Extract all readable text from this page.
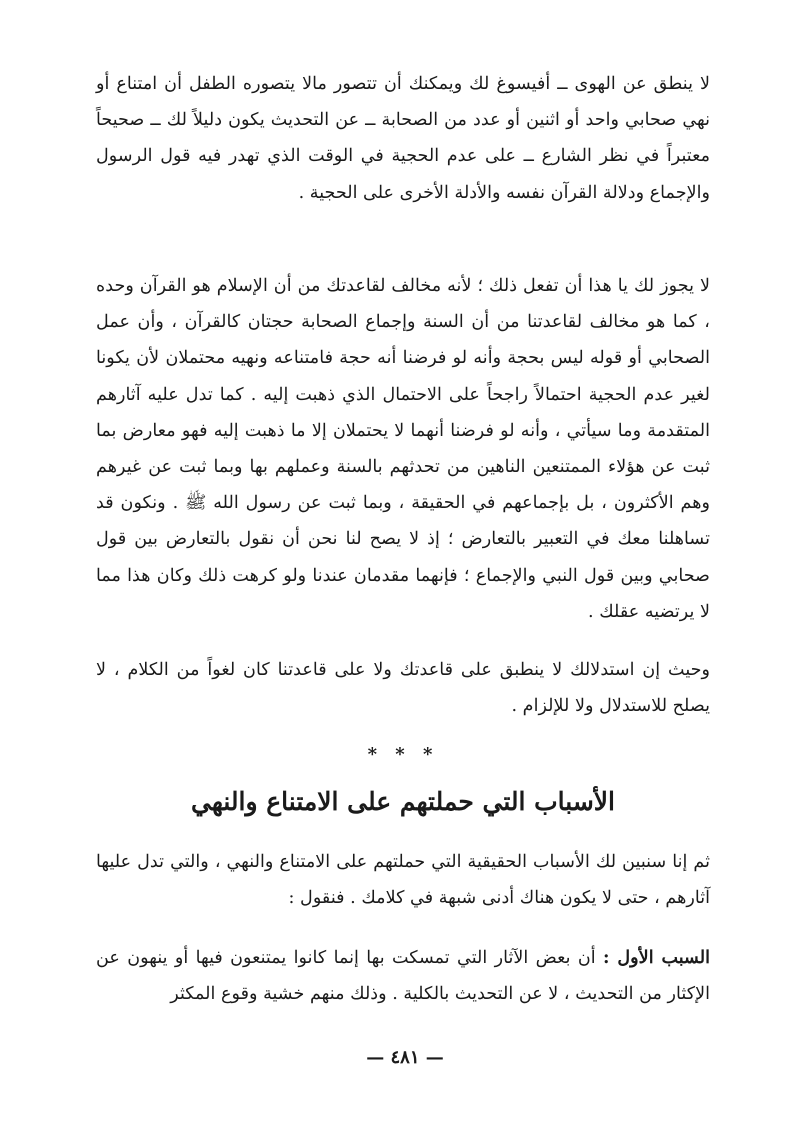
لا ينطق عن الهوى ــ أفيسوغ لك ويمكنك أن تتصور مالا يتصوره الطفل أن امتناع أو نهي صحابي واحد أو اثنين أو عدد من الصحابة ــ عن التحديث يكون دليلاً لك ــ صحيحاً معتبراً في نظر الشارع ــ على عدم الحجية في الوقت الذي تهدر فيه قول الرسول والإجماع ودلالة القرآن نفسه والأدلة الأخرى على الحجية .

لا يجوز لك يا هذا أن تفعل ذلك ؛ لأنه مخالف لقاعدتك من أن الإسلام هو القرآن وحده ، كما هو مخالف لقاعدتنا من أن السنة وإجماع الصحابة حجتان كالقرآن ، وأن عمل الصحابي أو قوله ليس بحجة وأنه لو فرضنا أنه حجة فامتناعه ونهيه محتملان لأن يكونا لغير عدم الحجية احتمالاً راجحاً على الاحتمال الذي ذهبت إليه . كما تدل عليه آثارهم المتقدمة وما سيأتي ، وأنه لو فرضنا أنهما لا يحتملان إلا ما ذهبت إليه فهو معارض بما ثبت عن هؤلاء الممتنعين الناهين من تحدثهم بالسنة وعملهم بها وبما ثبت عن غيرهم وهم الأكثرون ، بل بإجماعهم في الحقيقة ، وبما ثبت عن رسول الله ﷺ . ونكون قد تساهلنا معك في التعبير بالتعارض ؛ إذ لا يصح لنا نحن أن نقول بالتعارض بين قول صحابي وبين قول النبي والإجماع ؛ فإنهما مقدمان عندنا ولو كرهت ذلك وكان هذا مما لا يرتضيه عقلك .

وحيث إن استدلالك لا ينطبق على قاعدتك ولا على قاعدتنا كان لغواً من الكلام ، لا يصلح للاستدلال ولا للإلزام .

* * *
الأسباب التي حملتهم على الامتناع والنهي

ثم إنا سنبين لك الأسباب الحقيقية التي حملتهم على الامتناع والنهي ، والتي تدل عليها آثارهم ، حتى لا يكون هناك أدنى شبهة في كلامك . فنقول :

السبب الأول : أن بعض الآثار التي تمسكت بها إنما كانوا يمتنعون فيها أو ينهون عن الإكثار من التحديث ، لا عن التحديث بالكلية . وذلك منهم خشية وقوع المكثر

— ٤٨١ —
